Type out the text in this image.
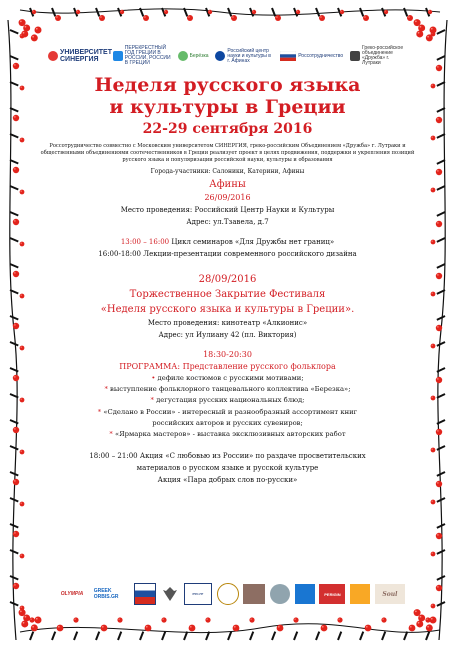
УНИВЕРСИТЕТ СИНЕРГИЯ
ПЕРЕКРЕСТНЫЙ ГОД ГРЕЦИИ В РОССИИ, РОССИИ В ГРЕЦИИ
Берёзка
Российский центр науки и культуры в г. Афинах
Россотрудничество
Греко-российское объединение «Дружба» г. Лутраки
Неделя русского языка
и культуры в Греции
22-29 сентября 2016
Россотрудничество совместно с Московским университетом СИНЕРГИЯ, греко-российским Объединением «Дружба» г. Лутраки и общественными объединениями соотечественников в Греции реализует проект в целях продвижения, поддержки и укрепления позиций русского языка и популяризации российской науки, культуры и образования
Города-участники: Салоники, Катерини, Афины
Афины
26/09/2016
Место проведения: Российский Центр Науки и Культуры
Адрес: ул.Тзавела, д.7
13:00 – 16:00 Цикл семинаров «Для Дружбы нет границ»
16:00-18:00 Лекции-презентации современного российского дизайна
28/09/2016
Торжественное Закрытие Фестиваля
«Неделя русского языка и культуры в Греции».
Место проведения: кинотеатр «Алкионис»
Адрес: ул Иулиану 42 (пл. Виктория)
18:30-20:30
ПРОГРАММА: Представление русского фольклора
• дефиле костюмов с русскими мотивами;
* выступление фольклорного танцевального коллектива «Березка»;
* дегустация русских национальных блюд;
* «Сделано в России» - интересный и разнообразный ассортимент книг
российских авторов и русских сувениров;
* «Ярмарка мастеров» - выставка эксклюзивных авторских работ
18:00 – 21:00 Акция «С любовью из России» по раздаче просветительских
материалов о русском языке и русской культуре
Акция «Пара добрых слов по-русски»
OLYMPIA	GREEK ORBIS.GR	РУС-ГР	PERIGIN	Soul
